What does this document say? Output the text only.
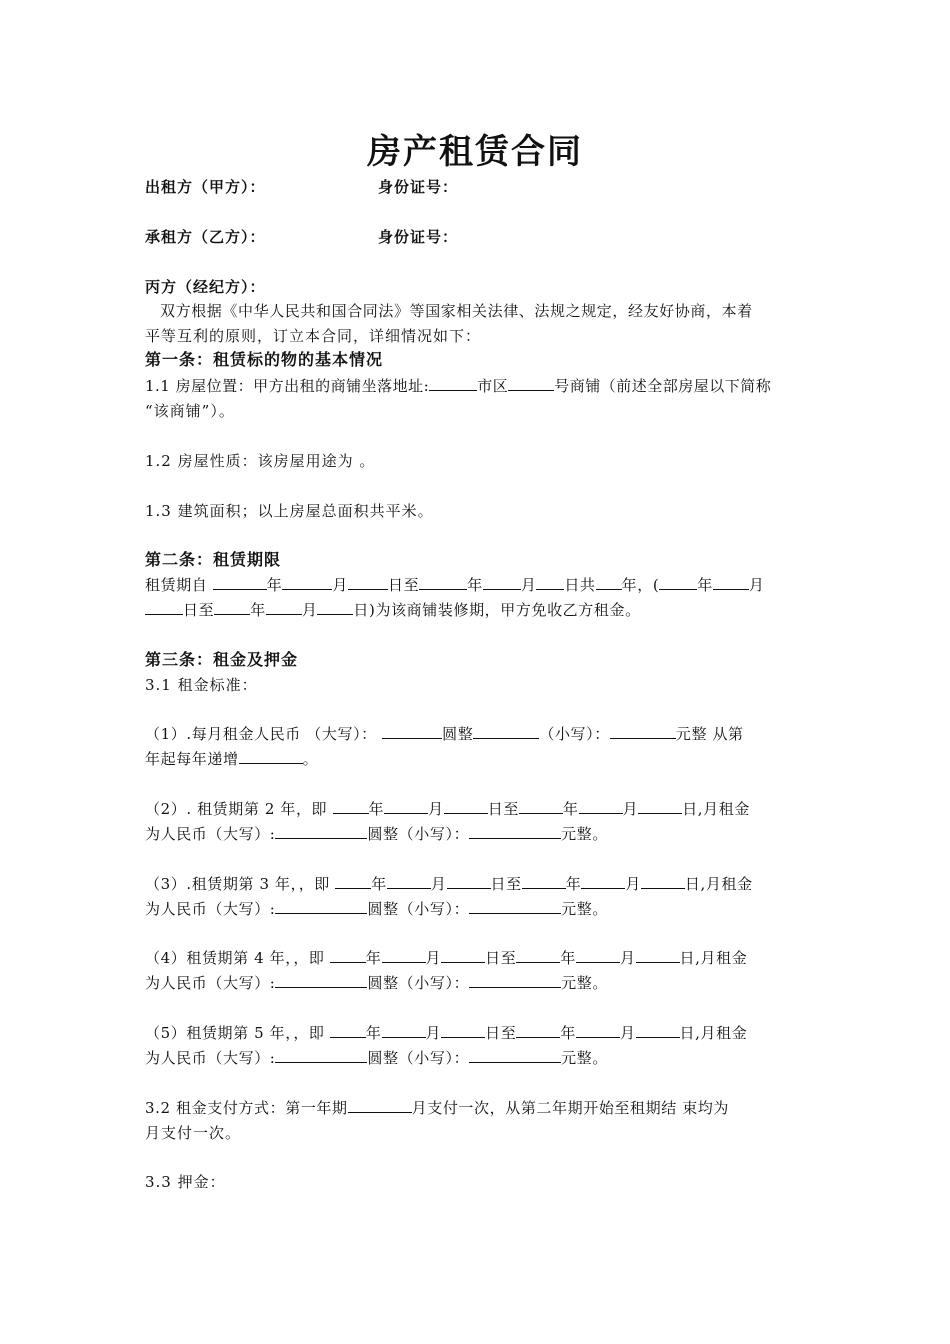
房产租赁合同
出租方（甲方）：	身份证号：
承租方（乙方）：	身份证号：
丙方（经纪方）：
双方根据《中华人民共和国合同法》等国家相关法律、法规之规定，经友好协商，本着
平等互利的原则，订立本合同，详细情况如下：
第一条：租赁标的物的基本情况
1.1 房屋位置：甲方出租的商铺坐落地址:	市区	号商铺（前述全部房屋以下简称
“该商铺”）。
1.2 房屋性质：该房屋用途为 。
1.3 建筑面积；以上房屋总面积共平米。
第二条：租赁期限
租赁期自	年	月	日至	年	月 日共 年，(	年 月
日至 年 月 日)为该商铺装修期，甲方免收乙方租金。
第三条：租金及押金
3.1 租金标准：
（1）.每月租金人民币 （大写）：	圆整	（小写）：	元整 从第
年起每年递增	。
（2）. 租赁期第 2 年，即	年	月	日至	年	月	日,月租金
为人民币（大写）:	圆整（小写）：	元整。
（3）.租赁期第 3 年，，即	年	月	日至	年	月	日,月租金
为人民币（大写）:	圆整（小写）：	元整。
（4）租赁期第 4 年，，即	年	月	日至	年	月	日,月租金
为人民币（大写）:	圆整（小写）：	元整。
（5）租赁期第 5 年，，即	年	月	日至	年	月	日,月租金
为人民币（大写）:	圆整（小写）：	元整。
3.2 租金支付方式：第一年期	月支付一次，从第二年期开始至租期结 束均为
月支付一次。
3.3 押金：
